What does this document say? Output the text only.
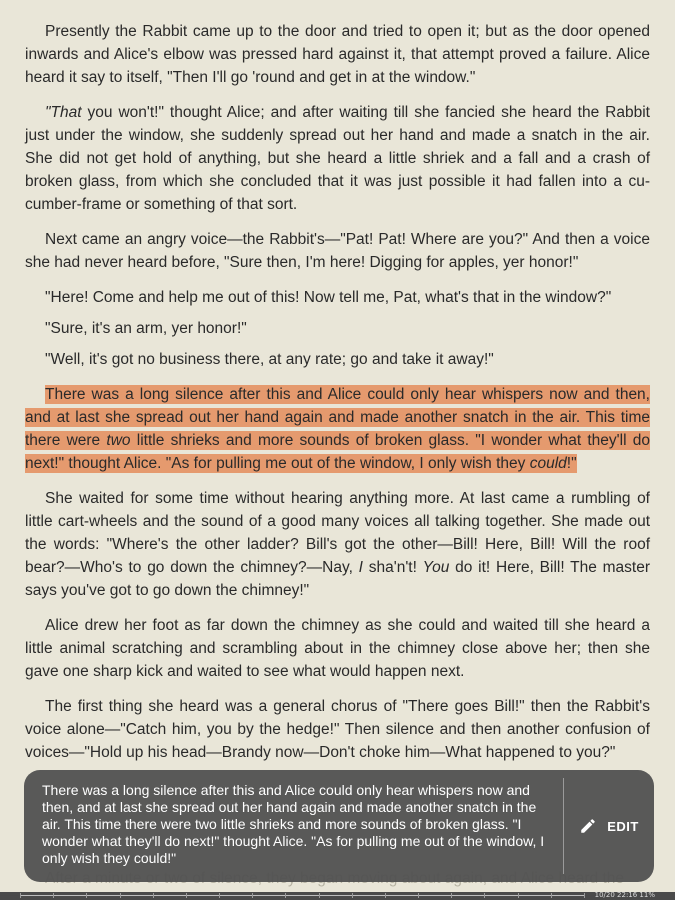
Presently the Rabbit came up to the door and tried to open it; but as the door opened inwards and Alice's elbow was pressed hard against it, that attempt proved a failure. Alice heard it say to itself, "Then I'll go 'round and get in at the window."

"That you won't!" thought Alice; and after waiting till she fancied she heard the Rabbit just under the window, she suddenly spread out her hand and made a snatch in the air. She did not get hold of anything, but she heard a little shriek and a fall and a crash of broken glass, from which she concluded that it was just possible it had fallen into a cucumber-frame or something of that sort.

Next came an angry voice—the Rabbit's—"Pat! Pat! Where are you?" And then a voice she had never heard before, "Sure then, I'm here! Digging for apples, yer honor!"

"Here! Come and help me out of this! Now tell me, Pat, what's that in the window?"

"Sure, it's an arm, yer honor!"

"Well, it's got no business there, at any rate; go and take it away!"

There was a long silence after this and Alice could only hear whispers now and then, and at last she spread out her hand again and made another snatch in the air. This time there were two little shrieks and more sounds of broken glass. "I wonder what they'll do next!" thought Alice. "As for pulling me out of the window, I only wish they could!"

She waited for some time without hearing anything more. At last came a rumbling of little cart-wheels and the sound of a good many voices all talking together. She made out the words: "Where's the other ladder? Bill's got the other—Bill! Here, Bill! Will the roof bear?—Who's to go down the chimney?—Nay, I sha'n't! You do it! Here, Bill! The master says you've got to go down the chimney!"

Alice drew her foot as far down the chimney as she could and waited till she heard a little animal scratching and scrambling about in the chimney close above her; then she gave one sharp kick and waited to see what would happen next.

The first thing she heard was a general chorus of "There goes Bill!" then the Rabbit's voice alone—"Catch him, you by the hedge!" Then silence and then another confusion of voices—"Hold up his head—Brandy now—Don't choke him—What happened to you?"

There was a long silence after this and Alice could only hear whispers now and then, and at last she spread out her hand again and made another snatch in the air. This time there were two little shrieks and more sounds of broken glass. "I wonder what they'll do next!" thought Alice. "As for pulling me out of the window, I only wish they could!"
EDIT
10/20 22:16 11%
